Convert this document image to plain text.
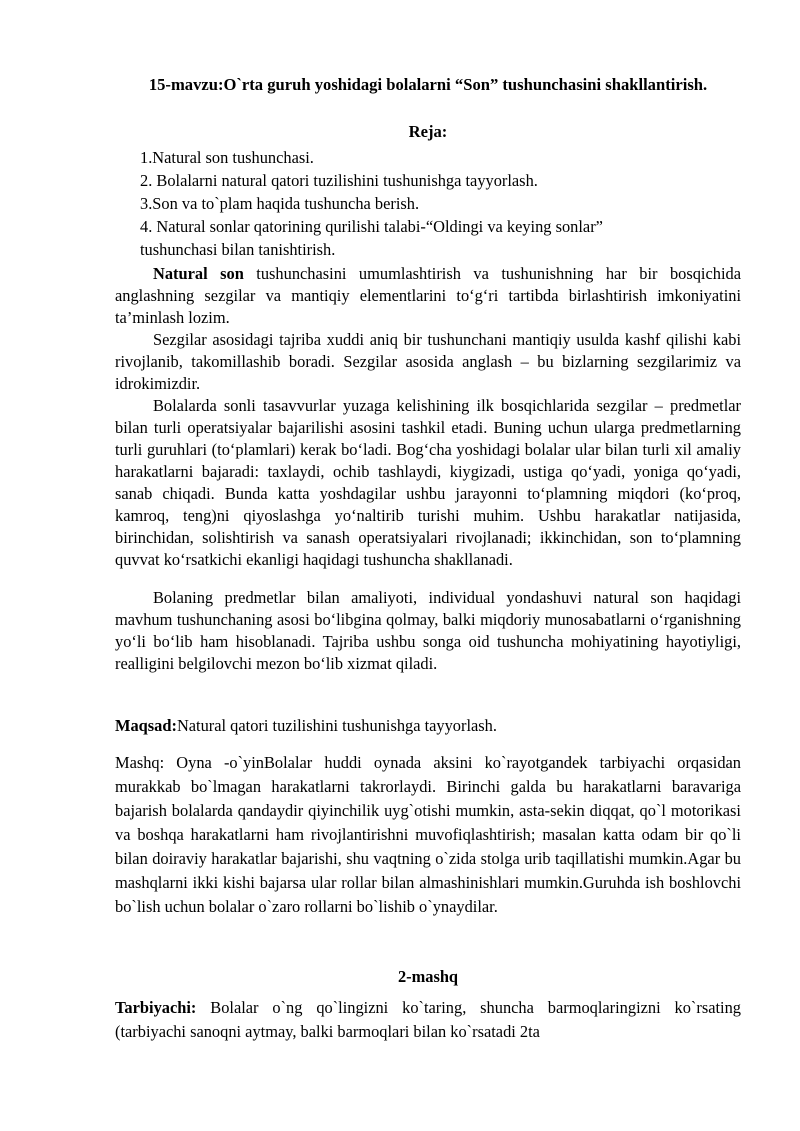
15-mavzu:O`rta guruh yoshidagi bolalarni “Son” tushunchasini shakllantirish.
Reja:
1.Natural son tushunchasi.
2. Bolalarni natural qatori tuzilishini tushunishga tayyorlash.
3.Son va to`plam haqida tushuncha berish.
4. Natural sonlar qatorining qurilishi talabi-“Oldingi va keying sonlar”
tushunchasi bilan tanishtirish.
Natural son tushunchasini umumlashtirish va tushunishning har bir bosqichida anglashning sezgilar va mantiqiy elementlarini to‘g‘ri tartibda birlashtirish imkoniyatini ta’minlash lozim.
Sezgilar asosidagi tajriba xuddi aniq bir tushunchani mantiqiy usulda kashf qilishi kabi rivojlanib, takomillashib boradi. Sezgilar asosida anglash – bu bizlarning sezgilarimiz va idrokimizdir.
Bolalarda sonli tasavvurlar yuzaga kelishining ilk bosqichlarida sezgilar – predmetlar bilan turli operatsiyalar bajarilishi asosini tashkil etadi. Buning uchun ularga predmetlarning turli guruhlari (to‘plamlari) kerak bo‘ladi. Bog‘cha yoshidagi bolalar ular bilan turli xil amaliy harakatlarni bajaradi: taxlaydi, ochib tashlaydi, kiygizadi, ustiga qo‘yadi, yoniga qo‘yadi, sanab chiqadi. Bunda katta yoshdagilar ushbu jarayonni to‘plamning miqdori (ko‘proq, kamroq, teng)ni qiyoslashga yo‘naltirib turishi muhim. Ushbu harakatlar natijasida, birinchidan, solishtirish va sanash operatsiyalari rivojlanadi; ikkinchidan, son to‘plamning quvvat ko‘rsatkichi ekanligi haqidagi tushuncha shakllanadi.
Bolaning predmetlar bilan amaliyoti, individual yondashuvi natural son haqidagi mavhum tushunchaning asosi bo‘libgina qolmay, balki miqdoriy munosabatlarni o‘rganishning yo‘li bo‘lib ham hisoblanadi. Tajriba ushbu songa oid tushuncha mohiyatining hayotiyligi, realligini belgilovchi mezon bo‘lib xizmat qiladi.
Maqsad:Natural qatori tuzilishini tushunishga tayyorlash.
Mashq: Oyna -o`yinBolalar huddi oynada aksini ko`rayotgandek tarbiyachi orqasidan murakkab bo`lmagan harakatlarni takrorlaydi. Birinchi galda bu harakatlarni baravariga bajarish bolalarda qandaydir qiyinchilik uyg`otishi mumkin, asta-sekin diqqat, qo`l motorikasi va boshqa harakatlarni ham rivojlantirishni muvofiqlashtirish; masalan katta odam bir qo`li bilan doiraviy harakatlar bajarishi, shu vaqtning o`zida stolga urib taqillatishi mumkin.Agar bu mashqlarni ikki kishi bajarsa ular rollar bilan almashinishlari mumkin.Guruhda ish boshlovchi bo`lish uchun bolalar o`zaro rollarni bo`lishib o`ynaydilar.
2-mashq
Tarbiyachi: Bolalar o`ng qo`lingizni ko`taring, shuncha barmoqlaringizni ko`rsating (tarbiyachi sanoqni aytmay, balki barmoqlari bilan ko`rsatadi 2ta
